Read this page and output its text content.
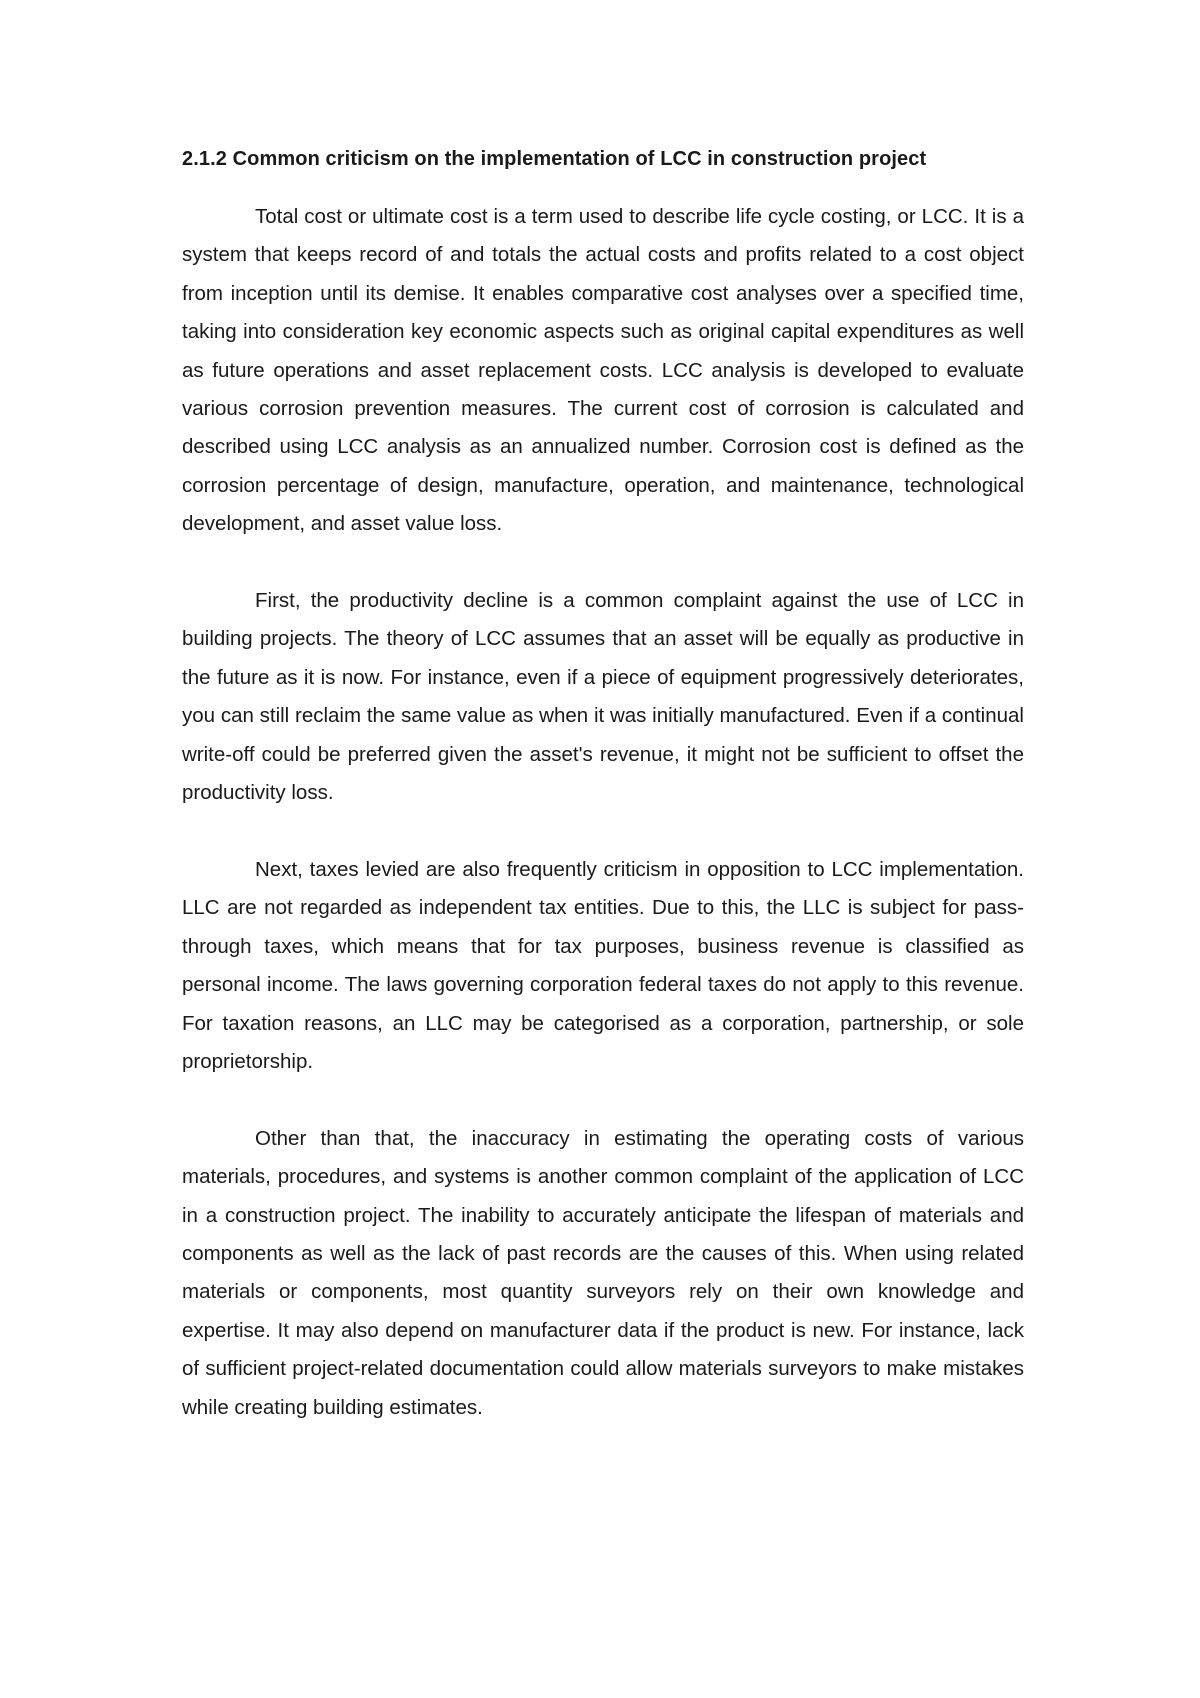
2.1.2 Common criticism on the implementation of LCC in construction project

Total cost or ultimate cost is a term used to describe life cycle costing, or LCC. It is a system that keeps record of and totals the actual costs and profits related to a cost object from inception until its demise. It enables comparative cost analyses over a specified time, taking into consideration key economic aspects such as original capital expenditures as well as future operations and asset replacement costs. LCC analysis is developed to evaluate various corrosion prevention measures. The current cost of corrosion is calculated and described using LCC analysis as an annualized number. Corrosion cost is defined as the corrosion percentage of design, manufacture, operation, and maintenance, technological development, and asset value loss.

First, the productivity decline is a common complaint against the use of LCC in building projects. The theory of LCC assumes that an asset will be equally as productive in the future as it is now. For instance, even if a piece of equipment progressively deteriorates, you can still reclaim the same value as when it was initially manufactured. Even if a continual write-off could be preferred given the asset's revenue, it might not be sufficient to offset the productivity loss.

Next, taxes levied are also frequently criticism in opposition to LCC implementation. LLC are not regarded as independent tax entities. Due to this, the LLC is subject for pass-through taxes, which means that for tax purposes, business revenue is classified as personal income. The laws governing corporation federal taxes do not apply to this revenue. For taxation reasons, an LLC may be categorised as a corporation, partnership, or sole proprietorship.

Other than that, the inaccuracy in estimating the operating costs of various materials, procedures, and systems is another common complaint of the application of LCC in a construction project. The inability to accurately anticipate the lifespan of materials and components as well as the lack of past records are the causes of this. When using related materials or components, most quantity surveyors rely on their own knowledge and expertise. It may also depend on manufacturer data if the product is new. For instance, lack of sufficient project-related documentation could allow materials surveyors to make mistakes while creating building estimates.
